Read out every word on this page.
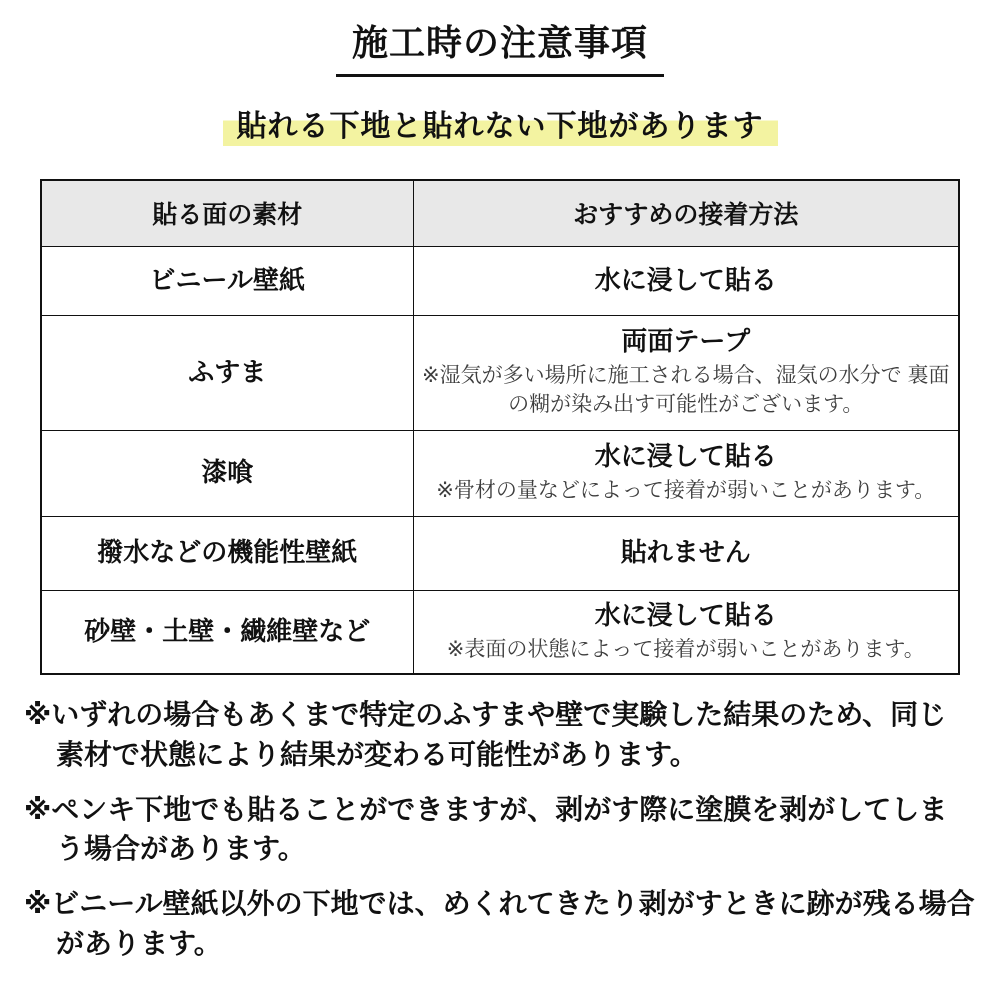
施工時の注意事項
貼れる下地と貼れない下地があります
貼る面の素材	おすすめの接着方法

ビニール壁紙	水に浸して貼る

ふすま	両面テープ
※湿気が多い場所に施工される場合、湿気の水分で 裏面の糊が染み出す可能性がございます。

漆喰	水に浸して貼る
※骨材の量などによって接着が弱いことがあります。

撥水などの機能性壁紙	貼れません

砂壁・土壁・繊維壁など	水に浸して貼る
※表面の状態によって接着が弱いことがあります。

※いずれの場合もあくまで特定のふすまや壁で実験した結果のため、同じ
素材で状態により結果が変わる可能性があります。

※ペンキ下地でも貼ることができますが、剥がす際に塗膜を剥がしてしま
う場合があります。

※ビニール壁紙以外の下地では、めくれてきたり剥がすときに跡が残る場合
があります。
